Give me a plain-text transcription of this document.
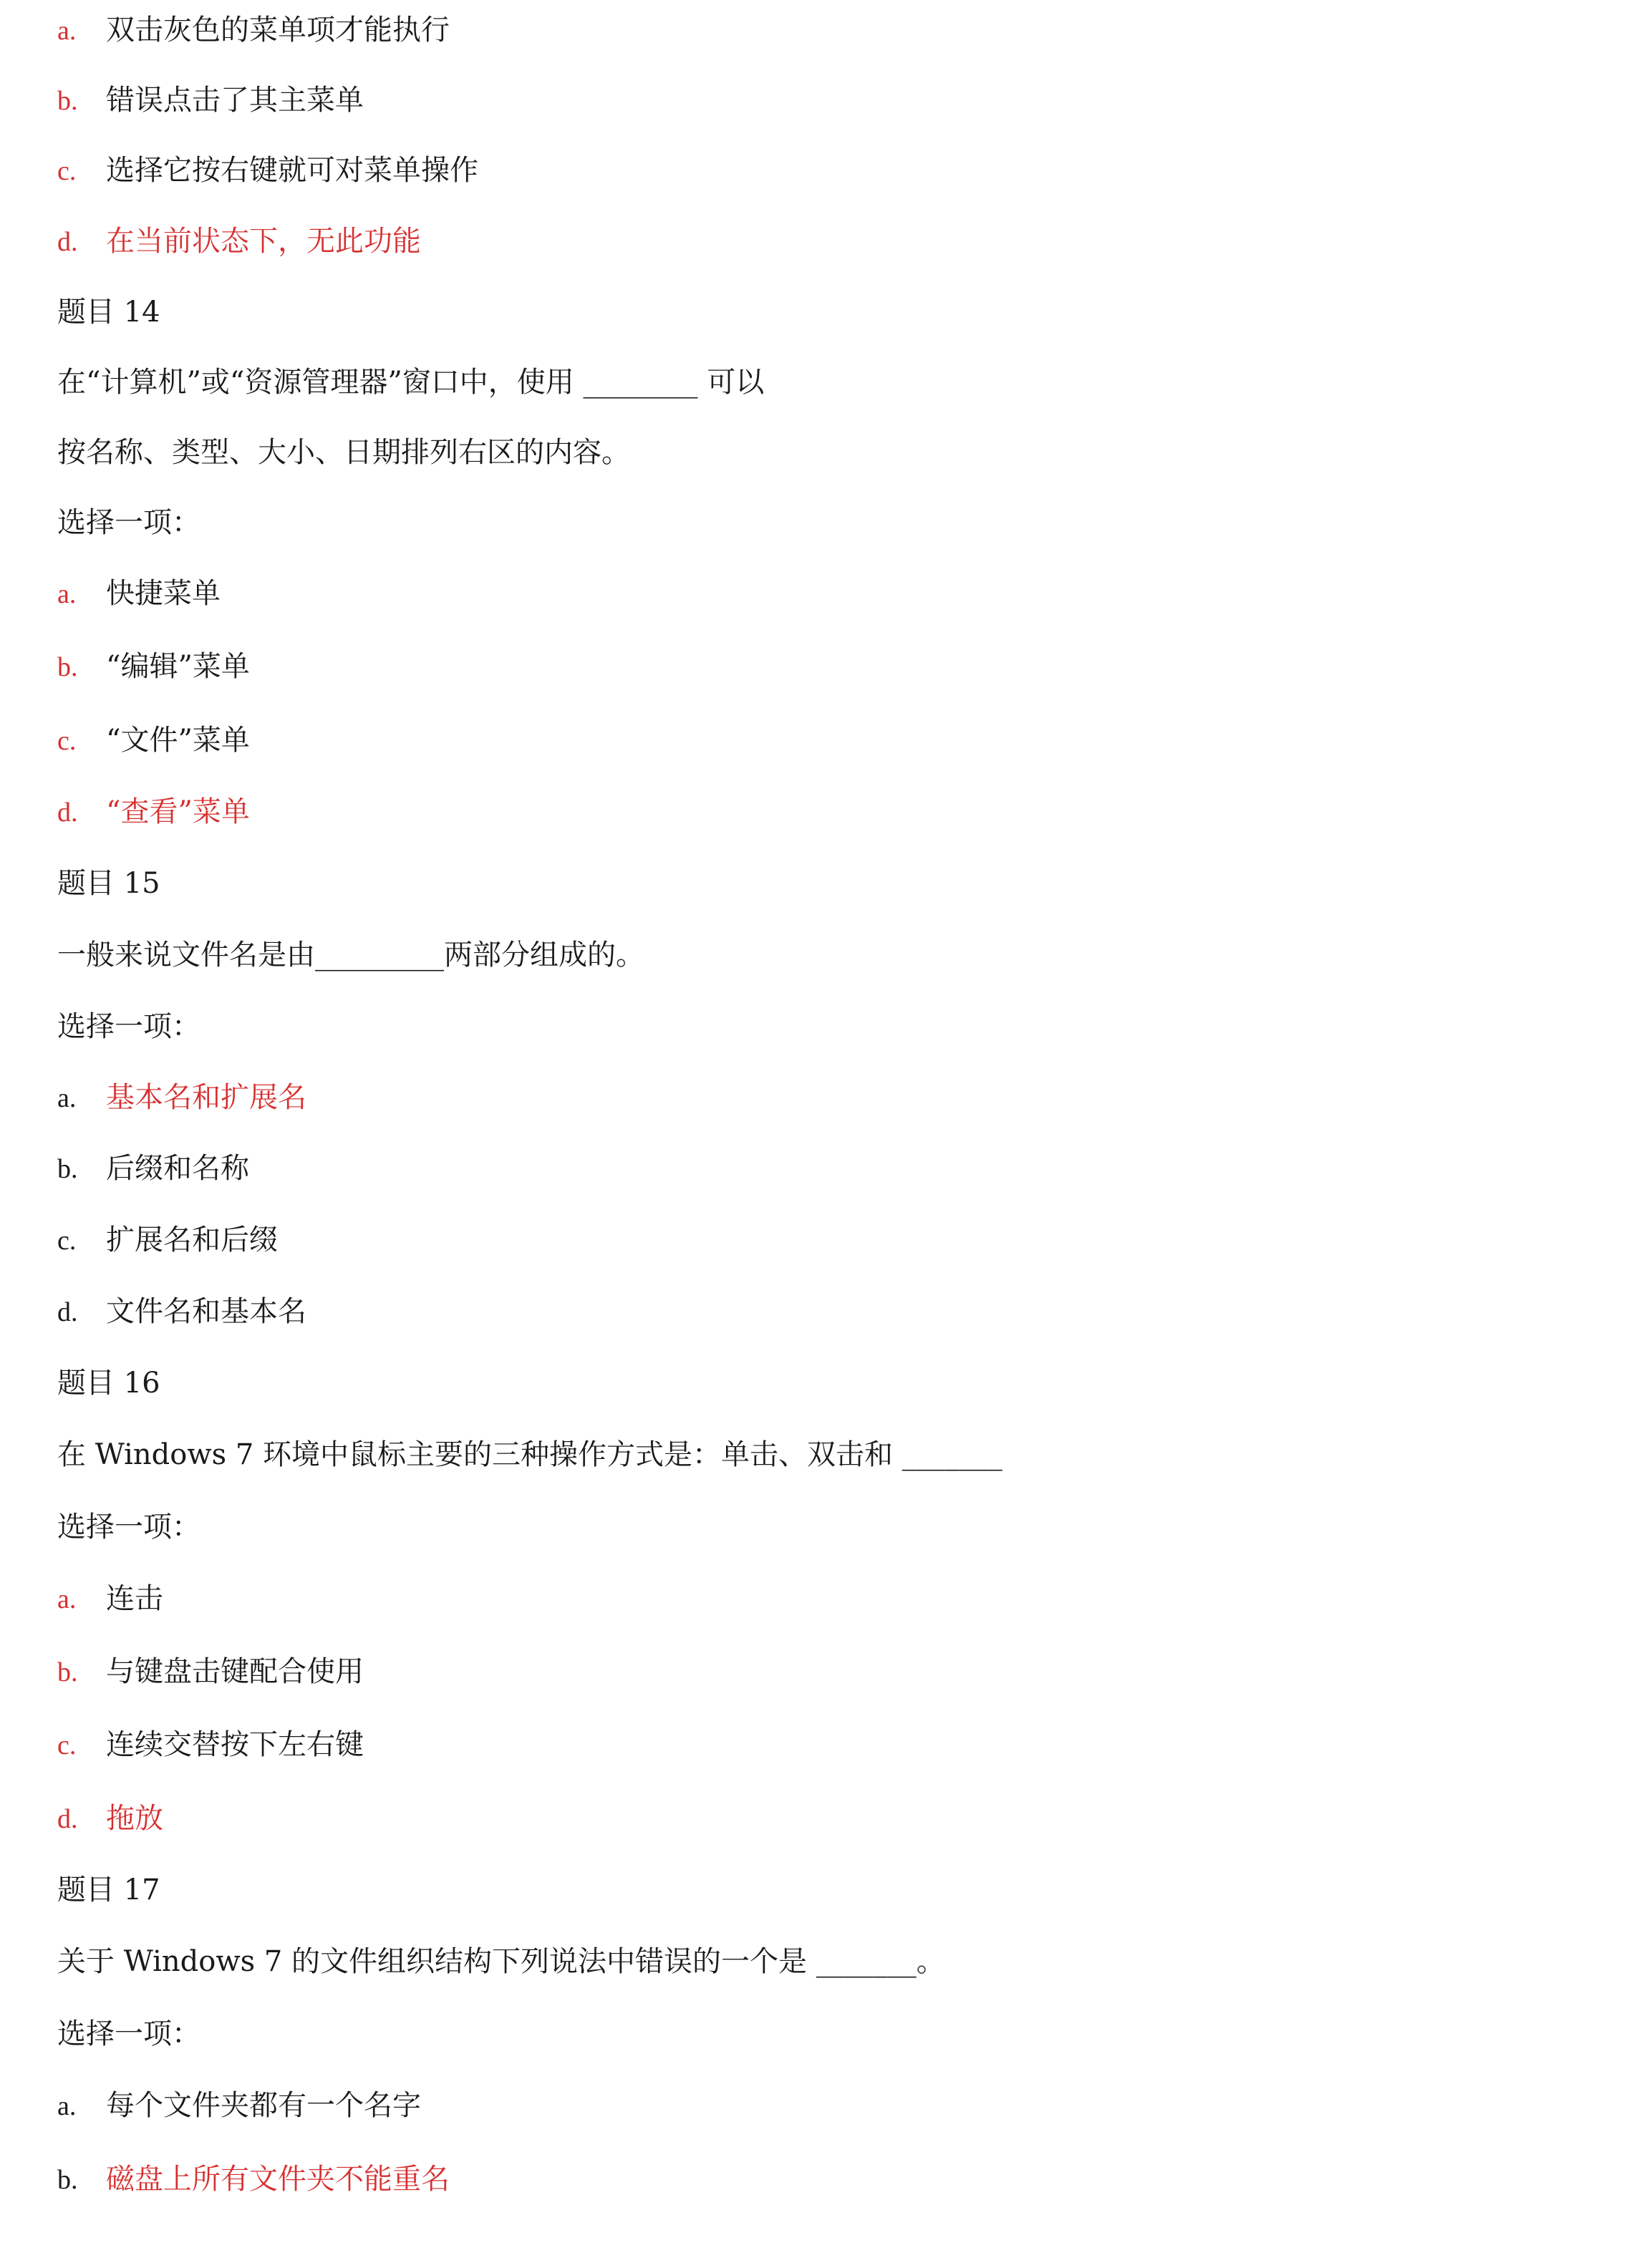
a. 双击灰色的菜单项才能执行

b. 错误点击了其主菜单

c. 选择它按右键就可对菜单操作

d. 在当前状态下，无此功能

题目 14

在“计算机”或“资源管理器”窗口中，使用 ________ 可以

按名称、类型、大小、日期排列右区的内容。

选择一项：

a. 快捷菜单

b. “编辑”菜单

c. “文件”菜单

d. “查看”菜单

题目 15

一般来说文件名是由_________两部分组成的。

选择一项：

a. 基本名和扩展名

b. 后缀和名称

c. 扩展名和后缀

d. 文件名和基本名

题目 16

在 Windows 7 环境中鼠标主要的三种操作方式是：单击、双击和 _______

选择一项：

a. 连击

b. 与键盘击键配合使用

c. 连续交替按下左右键

d. 拖放

题目 17

关于 Windows 7 的文件组织结构下列说法中错误的一个是 _______。

选择一项：

a. 每个文件夹都有一个名字

b. 磁盘上所有文件夹不能重名
